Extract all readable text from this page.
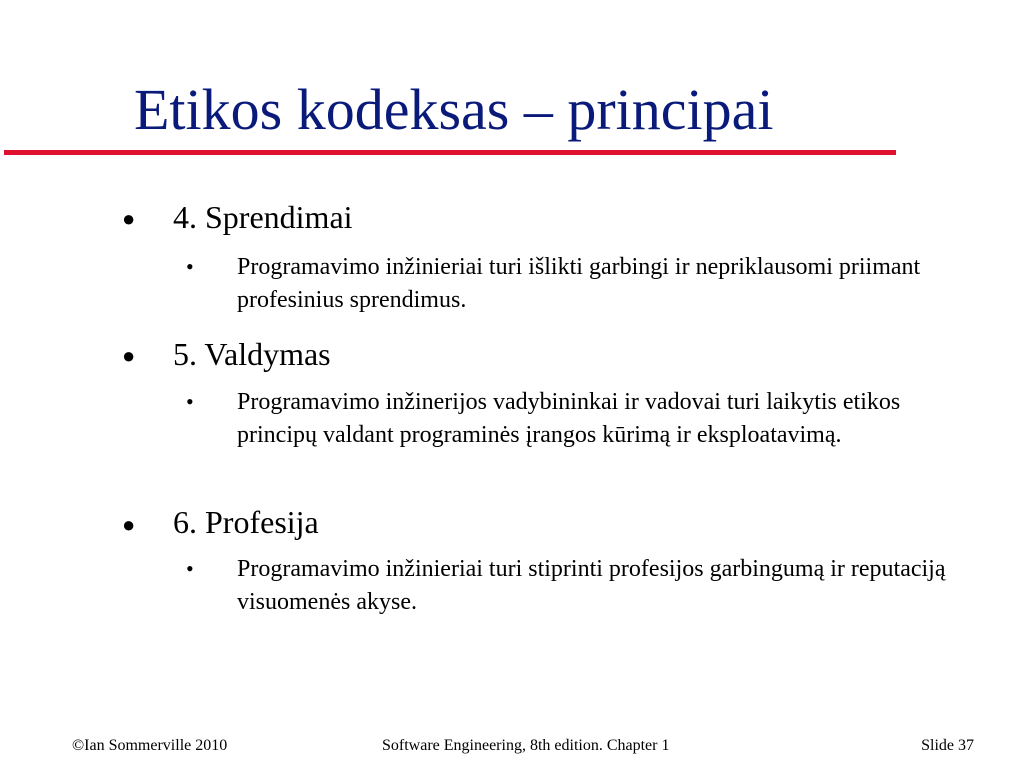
Etikos kodeksas – principai
● 4. Sprendimai
• Programavimo inžinieriai turi išlikti garbingi ir nepriklausomi priimant profesinius sprendimus.
● 5. Valdymas
• Programavimo inžinerijos vadybininkai ir vadovai turi laikytis etikos principų valdant programinės įrangos kūrimą ir eksploatavimą.
● 6. Profesija
• Programavimo inžinieriai turi stiprinti profesijos garbingumą ir reputaciją visuomenės akyse.
©Ian Sommerville 2010	Software Engineering, 8th edition. Chapter 1	Slide 37
